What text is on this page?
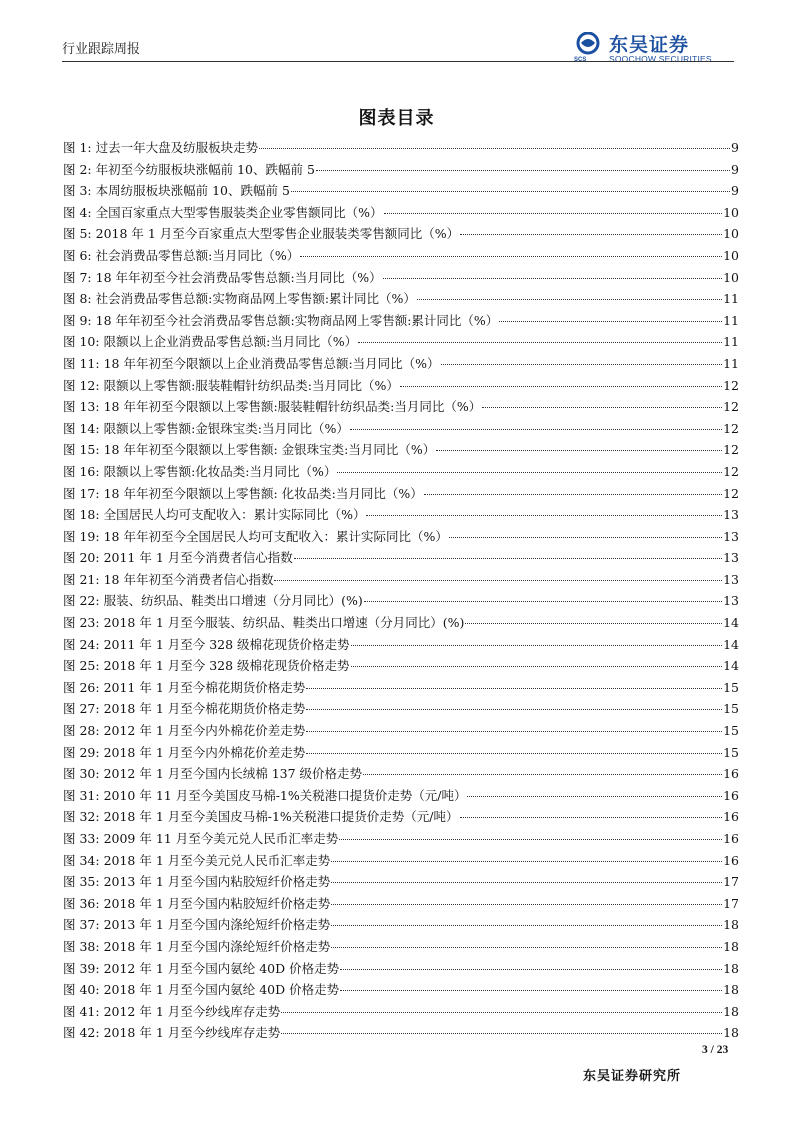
行业跟踪周报
SCS
东吴证券
SOOCHOW SECURITIES
图表目录
图 1: 过去一年大盘及纺服板块走势	9
图 2: 年初至今纺服板块涨幅前 10、跌幅前 5	9
图 3: 本周纺服板块涨幅前 10、跌幅前 5	9
图 4: 全国百家重点大型零售服装类企业零售额同比（%）	10
图 5: 2018 年 1 月至今百家重点大型零售企业服装类零售额同比（%）	10
图 6: 社会消费品零售总额:当月同比（%）	10
图 7: 18 年年初至今社会消费品零售总额:当月同比（%）	10
图 8: 社会消费品零售总额:实物商品网上零售额:累计同比（%）	11
图 9: 18 年年初至今社会消费品零售总额:实物商品网上零售额:累计同比（%）	11
图 10: 限额以上企业消费品零售总额:当月同比（%）	11
图 11: 18 年年初至今限额以上企业消费品零售总额:当月同比（%）	11
图 12: 限额以上零售额:服装鞋帽针纺织品类:当月同比（%）	12
图 13: 18 年年初至今限额以上零售额:服装鞋帽针纺织品类:当月同比（%）	12
图 14: 限额以上零售额:金银珠宝类:当月同比（%）	12
图 15: 18 年年初至今限额以上零售额: 金银珠宝类:当月同比（%）	12
图 16: 限额以上零售额:化妆品类:当月同比（%）	12
图 17: 18 年年初至今限额以上零售额: 化妆品类:当月同比（%）	12
图 18: 全国居民人均可支配收入：累计实际同比（%）	13
图 19: 18 年年初至今全国居民人均可支配收入：累计实际同比（%）	13
图 20: 2011 年 1 月至今消费者信心指数	13
图 21: 18 年年初至今消费者信心指数	13
图 22: 服装、纺织品、鞋类出口增速（分月同比）(%)	13
图 23: 2018 年 1 月至今服装、纺织品、鞋类出口增速（分月同比）(%)	14
图 24: 2011 年 1 月至今 328 级棉花现货价格走势	14
图 25: 2018 年 1 月至今 328 级棉花现货价格走势	14
图 26: 2011 年 1 月至今棉花期货价格走势	15
图 27: 2018 年 1 月至今棉花期货价格走势	15
图 28: 2012 年 1 月至今内外棉花价差走势	15
图 29: 2018 年 1 月至今内外棉花价差走势	15
图 30: 2012 年 1 月至今国内长绒棉 137 级价格走势	16
图 31: 2010 年 11 月至今美国皮马棉-1%关税港口提货价走势（元/吨）	16
图 32: 2018 年 1 月至今美国皮马棉-1%关税港口提货价走势（元/吨）	16
图 33: 2009 年 11 月至今美元兑人民币汇率走势	16
图 34: 2018 年 1 月至今美元兑人民币汇率走势	16
图 35: 2013 年 1 月至今国内粘胶短纤价格走势	17
图 36: 2018 年 1 月至今国内粘胶短纤价格走势	17
图 37: 2013 年 1 月至今国内涤纶短纤价格走势	18
图 38: 2018 年 1 月至今国内涤纶短纤价格走势	18
图 39: 2012 年 1 月至今国内氨纶 40D 价格走势	18
图 40: 2018 年 1 月至今国内氨纶 40D 价格走势	18
图 41: 2012 年 1 月至今纱线库存走势	18
图 42: 2018 年 1 月至今纱线库存走势	18
3 / 23
东吴证券研究所
